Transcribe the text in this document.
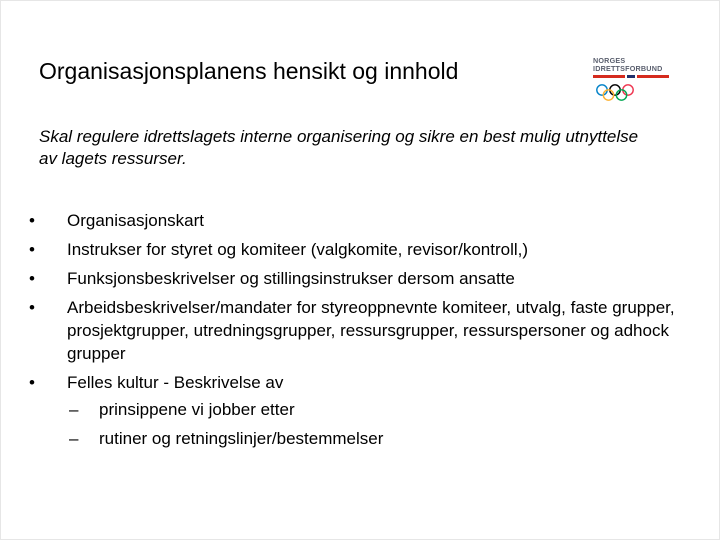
Organisasjonsplanens hensikt og innhold	NORGES
IDRETTSFORBUND

Skal regulere idrettslagets interne organisering og sikre en best mulig utnyttelse av lagets ressurser.

•	Organisasjonskart
•	Instrukser for styret og komiteer (valgkomite, revisor/kontroll,)
•	Funksjonsbeskrivelser og stillingsinstrukser dersom ansatte
•	Arbeidsbeskrivelser/mandater for styreoppnevnte komiteer, utvalg, faste grupper, prosjektgrupper, utredningsgrupper, ressursgrupper, ressurspersoner og adhock grupper
•	Felles kultur - Beskrivelse av
– prinsippene vi jobber etter
– rutiner og retningslinjer/bestemmelser
